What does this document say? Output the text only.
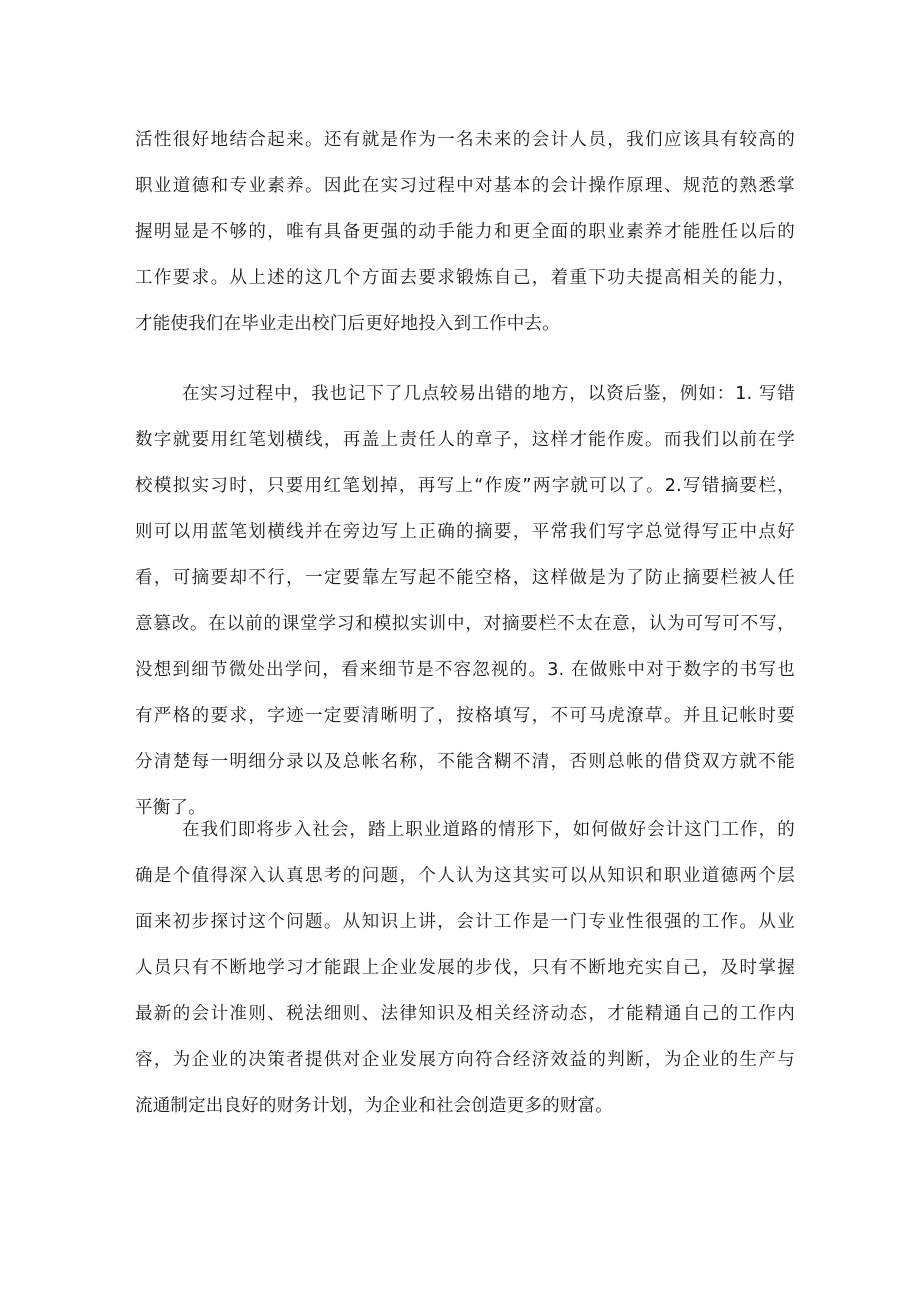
活性很好地结合起来。还有就是作为一名未来的会计人员，我们应该具有较高的
职业道德和专业素养。因此在实习过程中对基本的会计操作原理、规范的熟悉掌
握明显是不够的，唯有具备更强的动手能力和更全面的职业素养才能胜任以后的
工作要求。从上述的这几个方面去要求锻炼自己，着重下功夫提高相关的能力，
才能使我们在毕业走出校门后更好地投入到工作中去。
在实习过程中，我也记下了几点较易出错的地方，以资后鉴，例如：1. 写错
数字就要用红笔划横线，再盖上责任人的章子，这样才能作废。而我们以前在学
校模拟实习时，只要用红笔划掉，再写上“作废”两字就可以了。2.写错摘要栏，
则可以用蓝笔划横线并在旁边写上正确的摘要，平常我们写字总觉得写正中点好
看，可摘要却不行，一定要靠左写起不能空格，这样做是为了防止摘要栏被人任
意篡改。在以前的课堂学习和模拟实训中，对摘要栏不太在意，认为可写可不写，
没想到细节微处出学问，看来细节是不容忽视的。3. 在做账中对于数字的书写也
有严格的要求，字迹一定要清晰明了，按格填写，不可马虎潦草。并且记帐时要
分清楚每一明细分录以及总帐名称，不能含糊不清，否则总帐的借贷双方就不能
平衡了。
在我们即将步入社会，踏上职业道路的情形下，如何做好会计这门工作，的
确是个值得深入认真思考的问题，个人认为这其实可以从知识和职业道德两个层
面来初步探讨这个问题。从知识上讲，会计工作是一门专业性很强的工作。从业
人员只有不断地学习才能跟上企业发展的步伐，只有不断地充实自己，及时掌握
最新的会计准则、税法细则、法律知识及相关经济动态，才能精通自己的工作内
容，为企业的决策者提供对企业发展方向符合经济效益的判断，为企业的生产与
流通制定出良好的财务计划，为企业和社会创造更多的财富。
